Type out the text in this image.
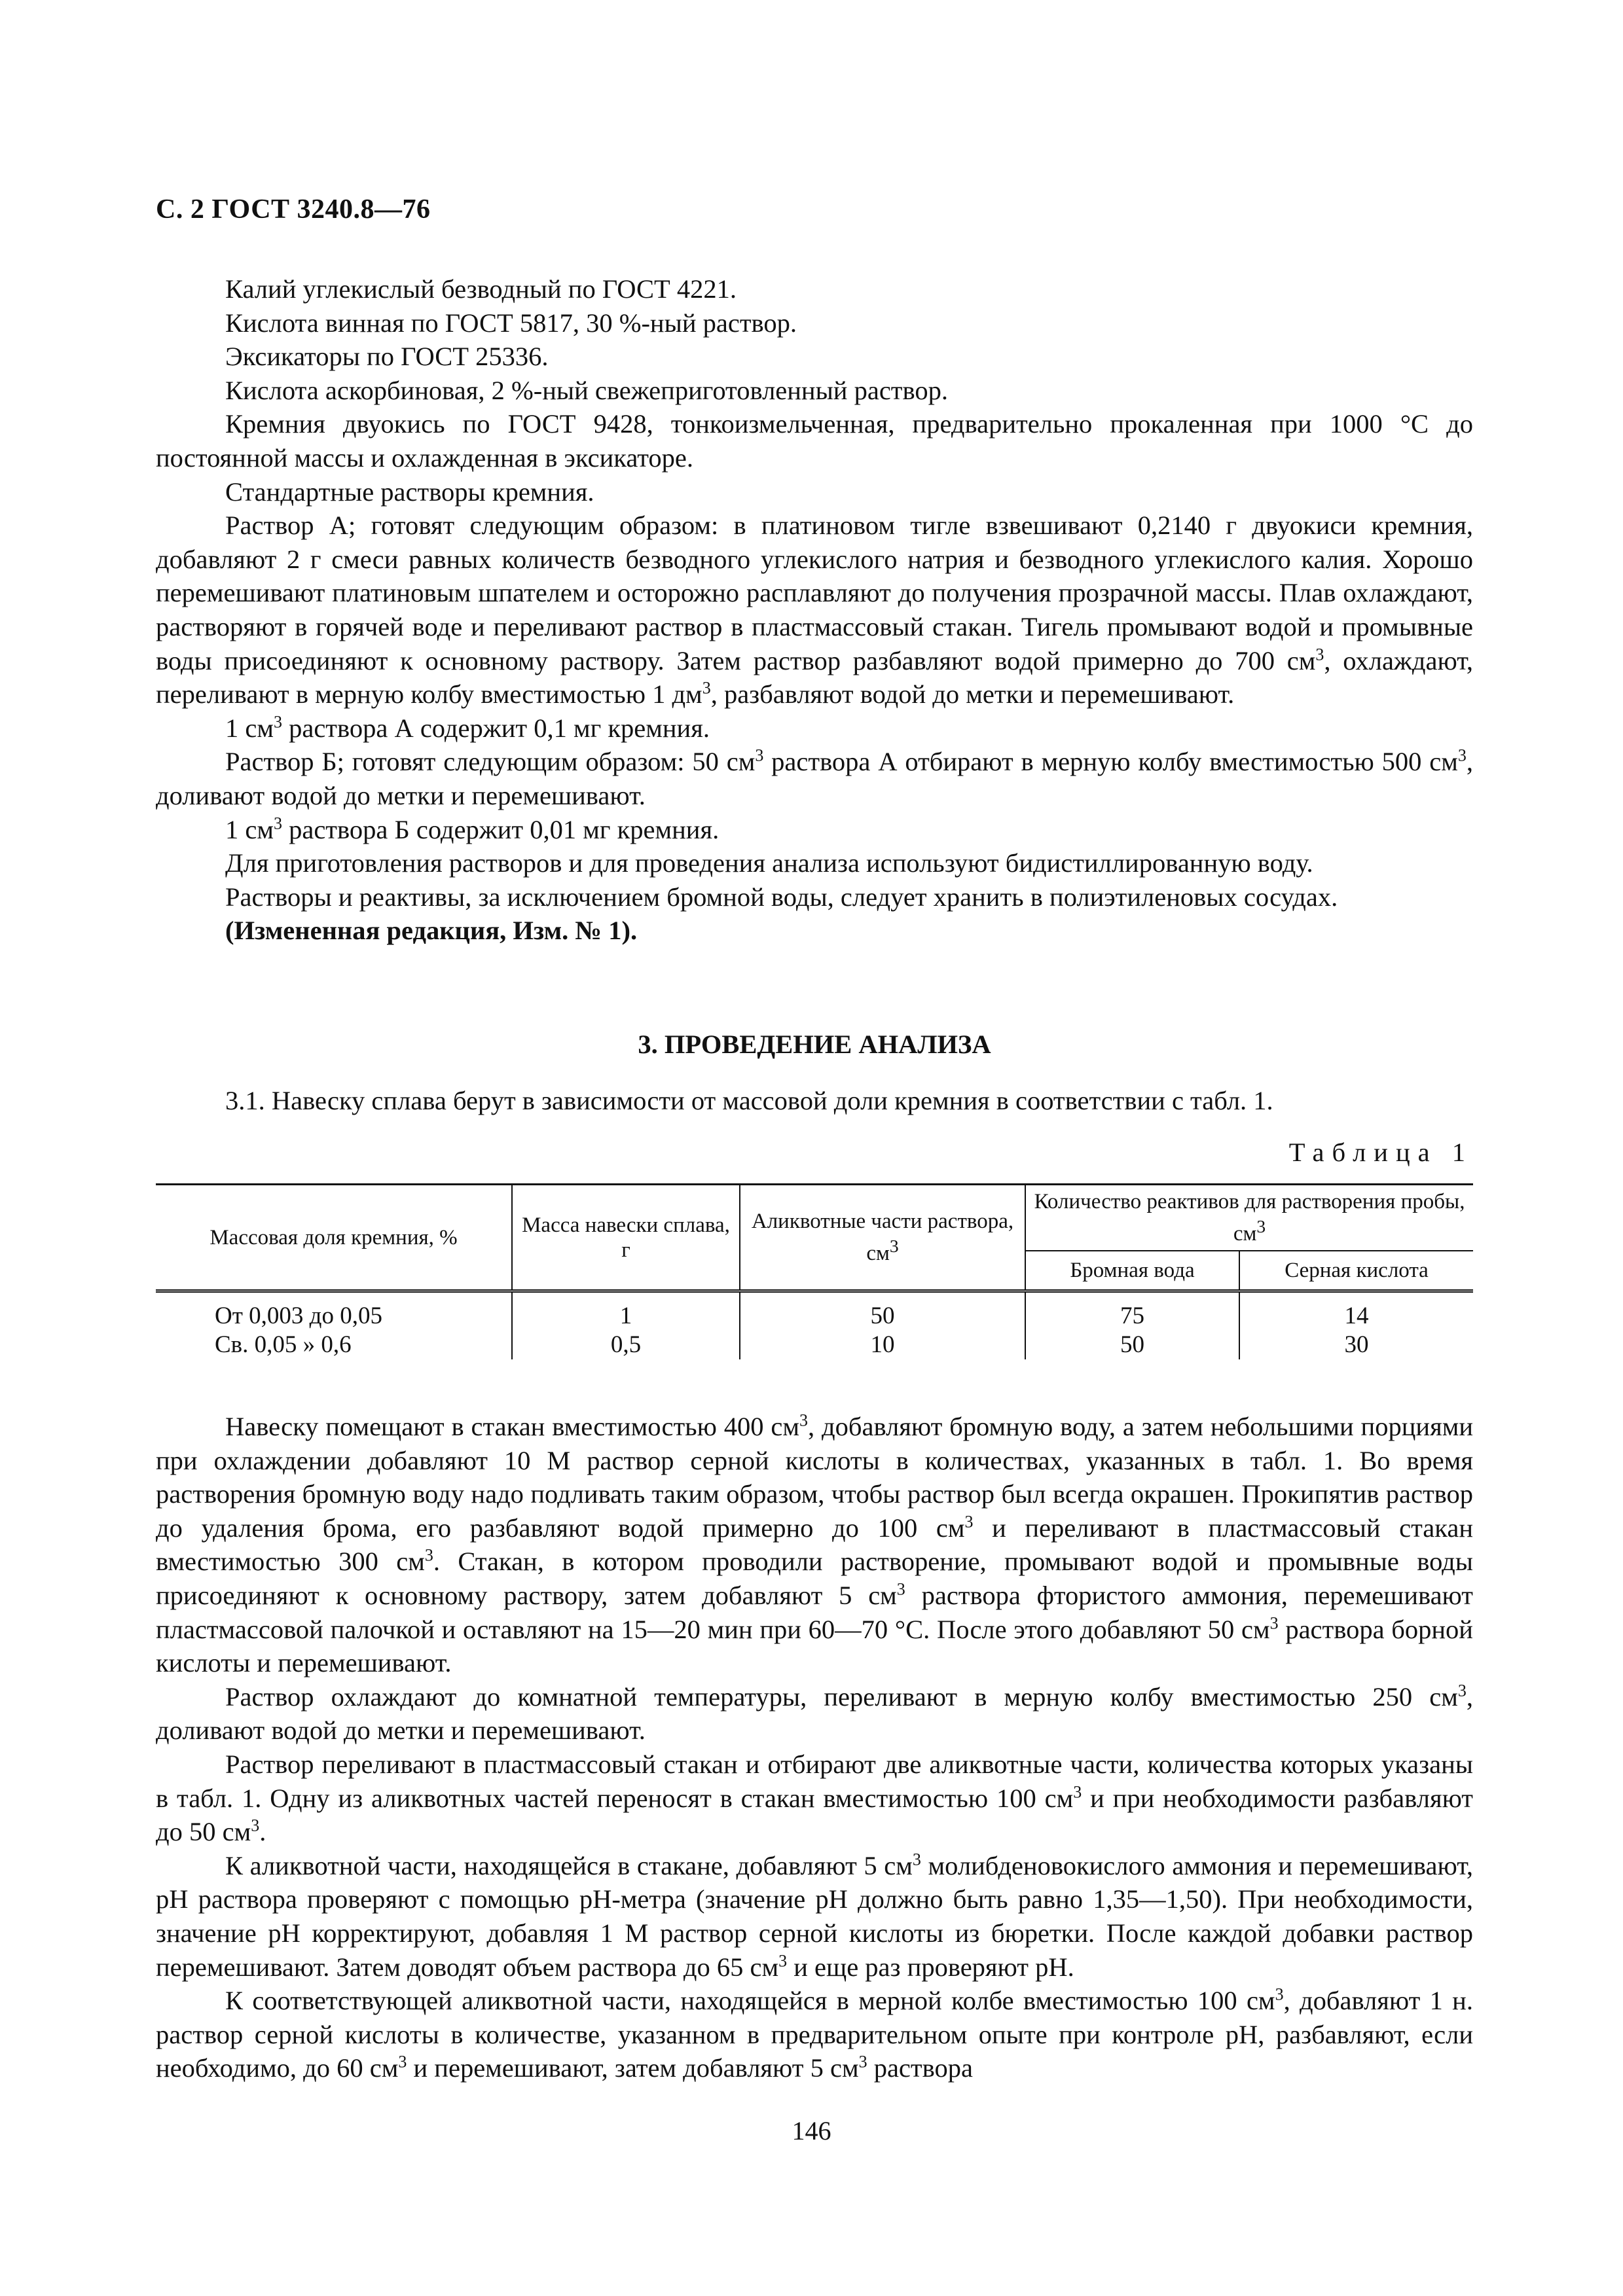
С. 2 ГОСТ 3240.8—76

Калий углекислый безводный по ГОСТ 4221.

Кислота винная по ГОСТ 5817, 30 %-ный раствор.

Эксикаторы по ГОСТ 25336.

Кислота аскорбиновая, 2 %-ный свежеприготовленный раствор.

Кремния двуокись по ГОСТ 9428, тонкоизмельченная, предварительно прокаленная при 1000 °С до постоянной массы и охлажденная в эксикаторе.

Стандартные растворы кремния.

Раствор А; готовят следующим образом: в платиновом тигле взвешивают 0,2140 г двуокиси кремния, добавляют 2 г смеси равных количеств безводного углекислого натрия и безводного углекислого калия. Хорошо перемешивают платиновым шпателем и осторожно расплавляют до получения прозрачной массы. Плав охлаждают, растворяют в горячей воде и переливают раствор в пластмассовый стакан. Тигель промывают водой и промывные воды присоединяют к основному раствору. Затем раствор разбавляют водой примерно до 700 $см^3$, охлаждают, переливают в мерную колбу вместимостью 1 $дм^3$, разбавляют водой до метки и перемешивают.

1 $см^3$ раствора А содержит 0,1 мг кремния.

Раствор Б; готовят следующим образом: 50 $см^3$ раствора А отбирают в мерную колбу вместимостью 500 $см^3$, доливают водой до метки и перемешивают.

1 $см^3$ раствора Б содержит 0,01 мг кремния.

Для приготовления растворов и для проведения анализа используют бидистиллированную воду.

Растворы и реактивы, за исключением бромной воды, следует хранить в полиэтиленовых сосудах.

(Измененная редакция, Изм. № 1).

3. ПРОВЕДЕНИЕ АНАЛИЗА
3.1. Навеску сплава берут в зависимости от массовой доли кремния в соответствии с табл. 1.
Таблица 1
Массовая доля кремния, %	Масса навески сплава, г	Аликвотные части раствора, $см^3$	Количество реактивов для растворения пробы, $см^3$
			Бромная вода	Серная кислота
От 0,003 до 0,05	1	50	75	14
Св. 0,05 » 0,6	0,5	10	50	30

Навеску помещают в стакан вместимостью 400 $см^3$, добавляют бромную воду, а затем небольшими порциями при охлаждении добавляют 10 М раствор серной кислоты в количествах, указанных в табл. 1. Во время растворения бромную воду надо подливать таким образом, чтобы раствор был всегда окрашен. Прокипятив раствор до удаления брома, его разбавляют водой примерно до 100 $см^3$ и переливают в пластмассовый стакан вместимостью 300 $см^3$. Стакан, в котором проводили растворение, промывают водой и промывные воды присоединяют к основному раствору, затем добавляют 5 $см^3$ раствора фтористого аммония, перемешивают пластмассовой палочкой и оставляют на 15—20 мин при 60—70 °С. После этого добавляют 50 $см^3$ раствора борной кислоты и перемешивают.

Раствор охлаждают до комнатной температуры, переливают в мерную колбу вместимостью 250 $см^3$, доливают водой до метки и перемешивают.

Раствор переливают в пластмассовый стакан и отбирают две аликвотные части, количества которых указаны в табл. 1. Одну из аликвотных частей переносят в стакан вместимостью 100 $см^3$ и при необходимости разбавляют до 50 $см^3$.

К аликвотной части, находящейся в стакане, добавляют 5 $см^3$ молибденовокислого аммония и перемешивают, рН раствора проверяют с помощью рН-метра (значение рН должно быть равно 1,35—1,50). При необходимости, значение рН корректируют, добавляя 1 М раствор серной кислоты из бюретки. После каждой добавки раствор перемешивают. Затем доводят объем раствора до 65 $см^3$ и еще раз проверяют рН.

К соответствующей аликвотной части, находящейся в мерной колбе вместимостью 100 $см^3$, добавляют 1 н. раствор серной кислоты в количестве, указанном в предварительном опыте при контроле рН, разбавляют, если необходимо, до 60 $см^3$ и перемешивают, затем добавляют 5 $см^3$ раствора

146
